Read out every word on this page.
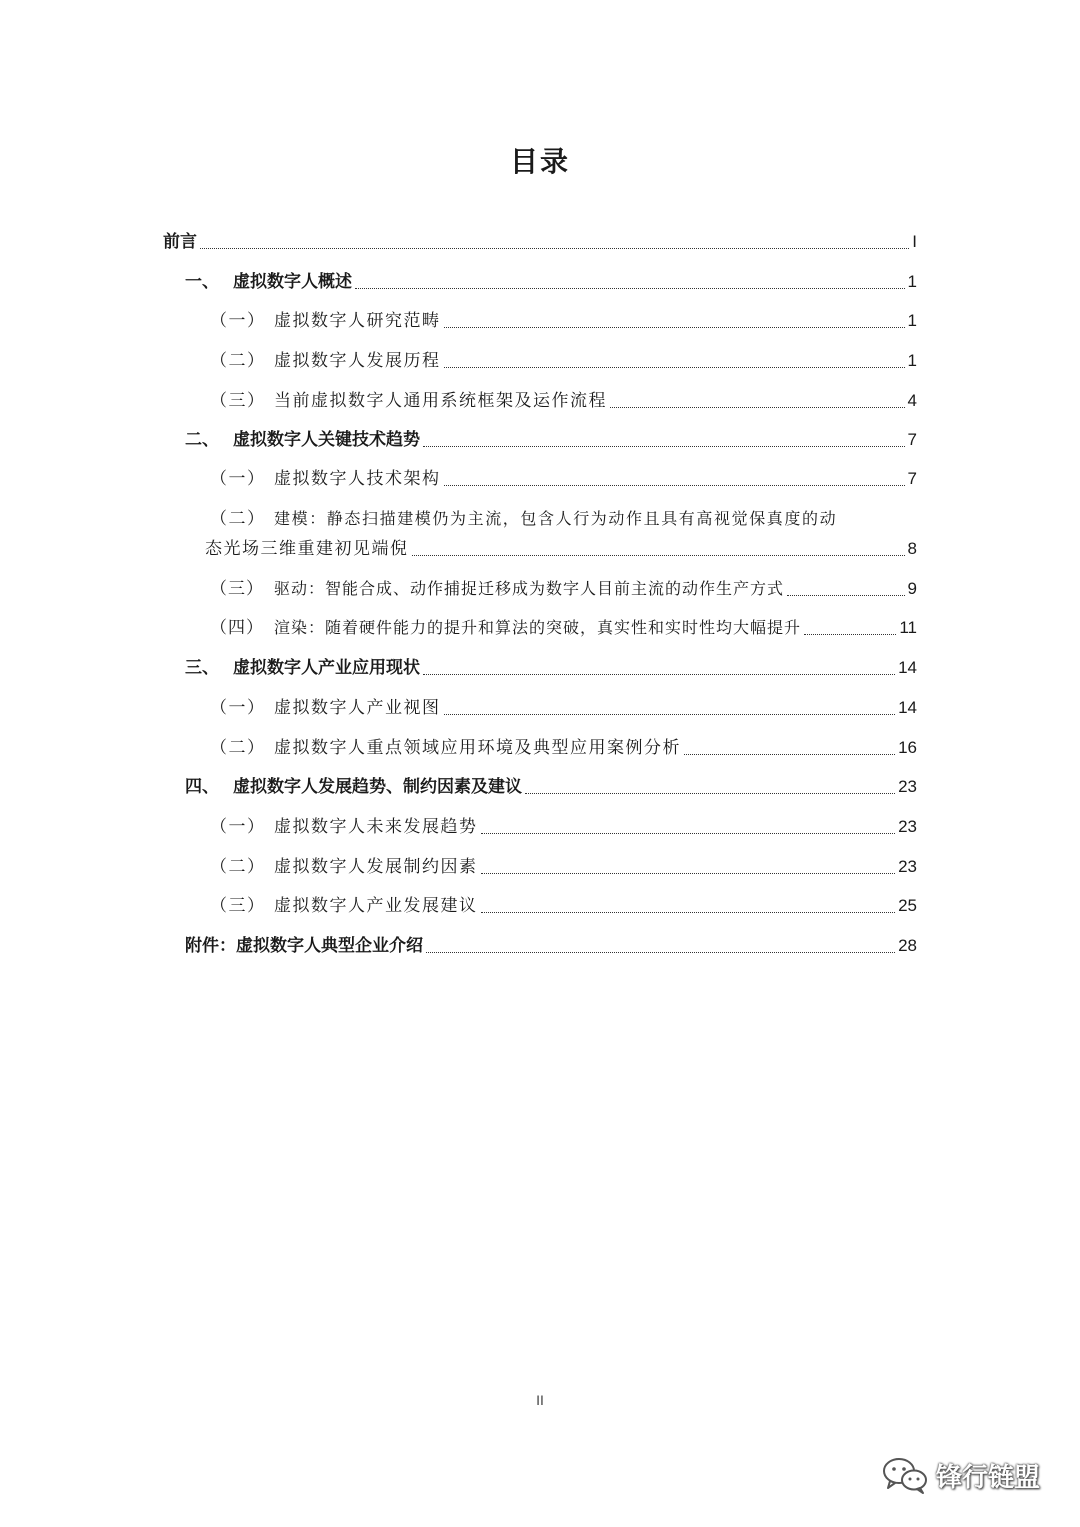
目录
前言	I
一、 虚拟数字人概述	1
（一） 虚拟数字人研究范畴	1
（二） 虚拟数字人发展历程	1
（三） 当前虚拟数字人通用系统框架及运作流程	4
二、 虚拟数字人关键技术趋势	7
（一） 虚拟数字人技术架构	7
（二） 建模：静态扫描建模仍为主流，包含人行为动作且具有高视觉保真度的动
态光场三维重建初见端倪	8
（三） 驱动：智能合成、动作捕捉迁移成为数字人目前主流的动作生产方式	9
（四） 渲染：随着硬件能力的提升和算法的突破，真实性和实时性均大幅提升	11
三、 虚拟数字人产业应用现状	14
（一） 虚拟数字人产业视图	14
（二） 虚拟数字人重点领域应用环境及典型应用案例分析	16
四、 虚拟数字人发展趋势、制约因素及建议	23
（一） 虚拟数字人未来发展趋势	23
（二） 虚拟数字人发展制约因素	23
（三） 虚拟数字人产业发展建议	25
附件：虚拟数字人典型企业介绍	28
II
锋行链盟
